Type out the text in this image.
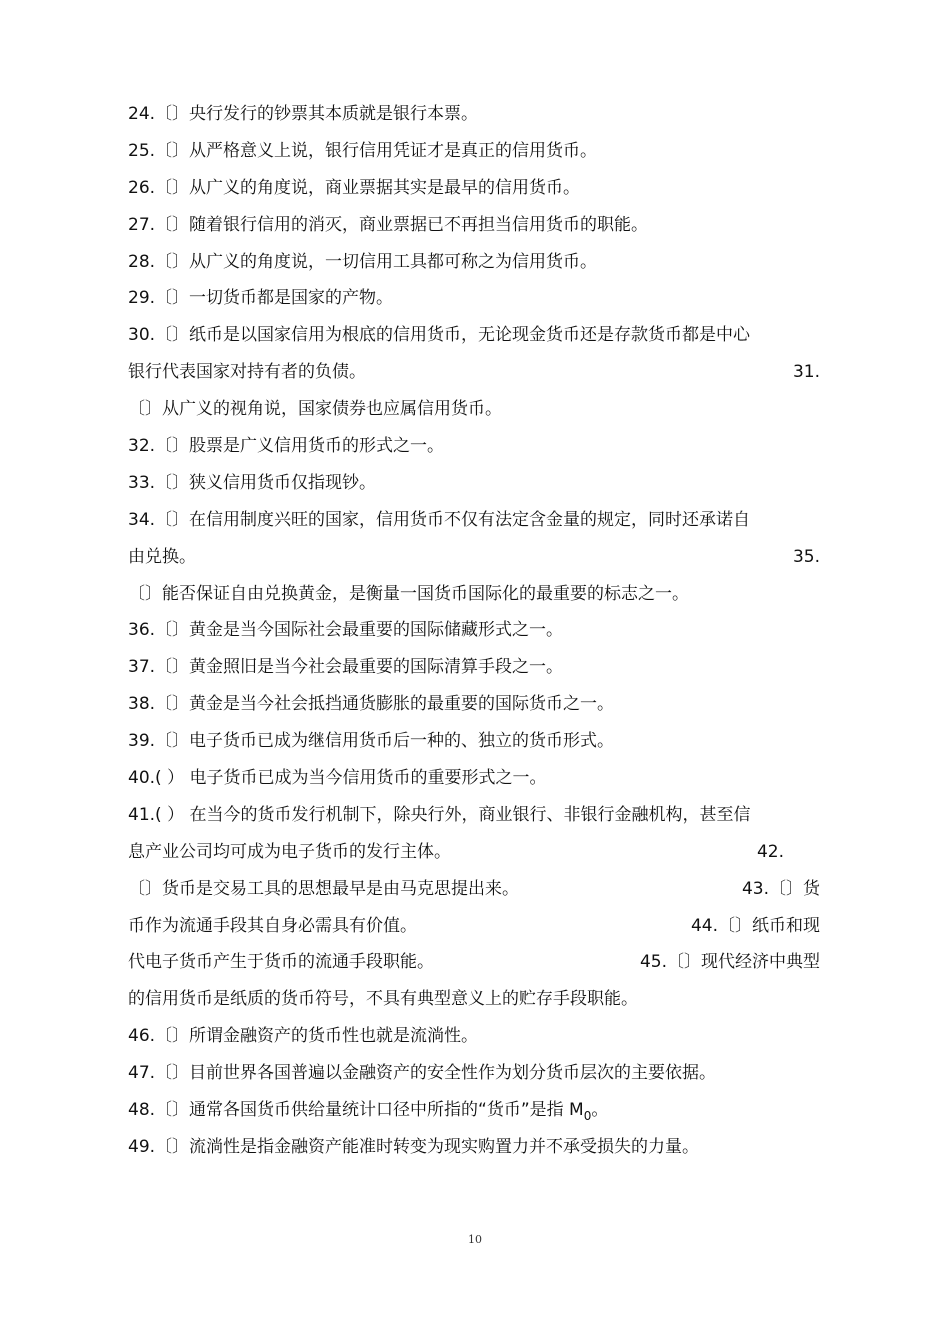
24.〔〕央行发行的钞票其本质就是银行本票。
25.〔〕从严格意义上说，银行信用凭证才是真正的信用货币。
26.〔〕从广义的角度说，商业票据其实是最早的信用货币。
27.〔〕随着银行信用的消灭，商业票据已不再担当信用货币的职能。
28.〔〕从广义的角度说，一切信用工具都可称之为信用货币。
29.〔〕一切货币都是国家的产物。
30.〔〕纸币是以国家信用为根底的信用货币，无论现金货币还是存款货币都是中心
银行代表国家对持有者的负债。	31.
〔〕从广义的视角说，国家债券也应属信用货币。
32.〔〕股票是广义信用货币的形式之一。
33.〔〕狭义信用货币仅指现钞。
34.〔〕在信用制度兴旺的国家，信用货币不仅有法定含金量的规定，同时还承诺自
由兑换。	35.
〔〕能否保证自由兑换黄金，是衡量一国货币国际化的最重要的标志之一。
36.〔〕黄金是当今国际社会最重要的国际储藏形式之一。
37.〔〕黄金照旧是当今社会最重要的国际清算手段之一。
38.〔〕黄金是当今社会抵挡通货膨胀的最重要的国际货币之一。
39.〔〕电子货币已成为继信用货币后一种的、独立的货币形式。
40.( ） 电子货币已成为当今信用货币的重要形式之一。
41.( ） 在当今的货币发行机制下，除央行外，商业银行、非银行金融机构，甚至信
息产业公司均可成为电子货币的发行主体。	42.
〔〕货币是交易工具的思想最早是由马克思提出来。	43.〔〕货
币作为流通手段其自身必需具有价值。	44.〔〕纸币和现
代电子货币产生于货币的流通手段职能。	45.〔〕现代经济中典型
的信用货币是纸质的货币符号，不具有典型意义上的贮存手段职能。
46.〔〕所谓金融资产的货币性也就是流淌性。
47.〔〕目前世界各国普遍以金融资产的安全性作为划分货币层次的主要依据。
48.〔〕通常各国货币供给量统计口径中所指的“货币”是指 $M_0$。
49.〔〕流淌性是指金融资产能准时转变为现实购置力并不承受损失的力量。
10
